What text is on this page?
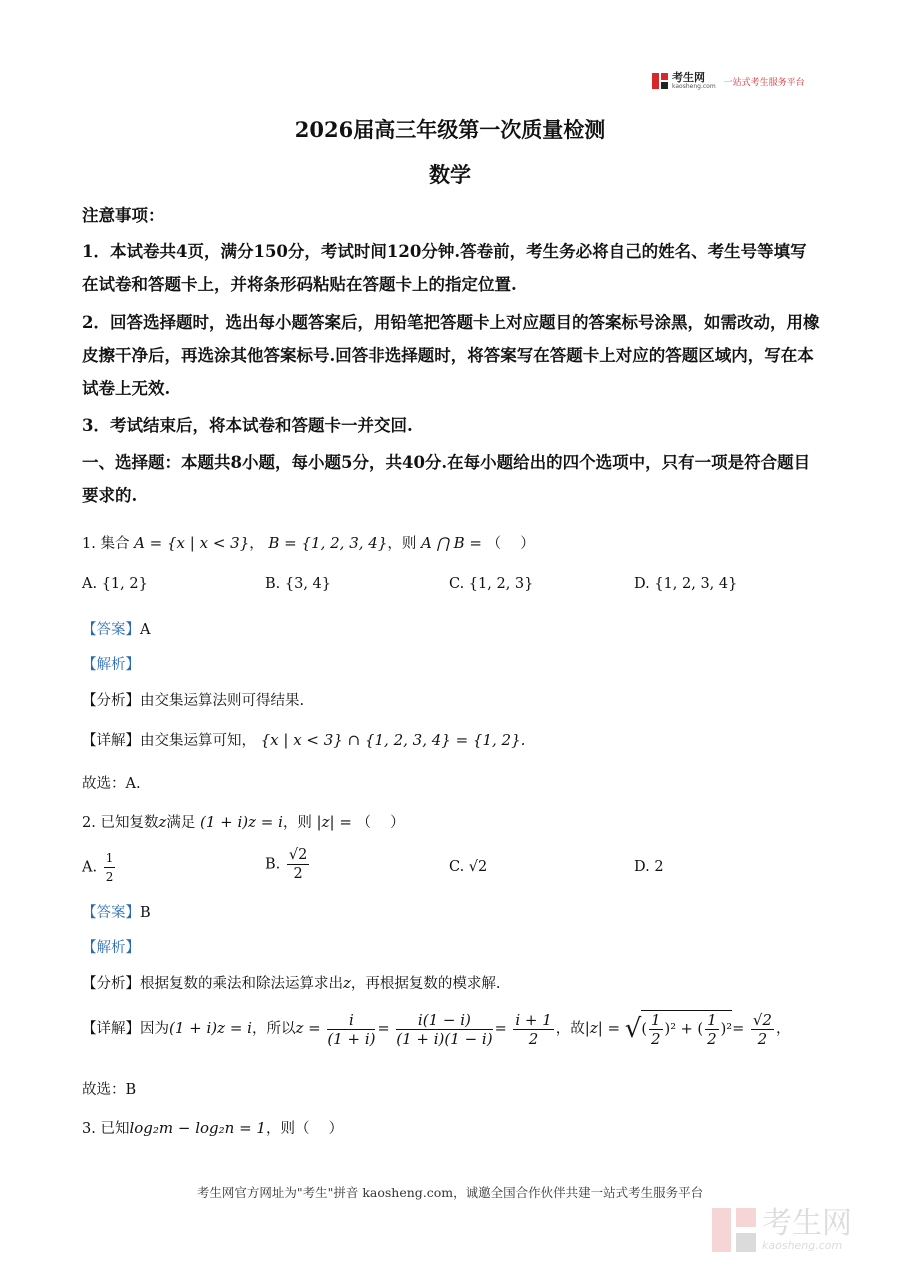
考生网
kaosheng.com 一站式考生服务平台
2026届高三年级第一次质量检测
数学
注意事项：
1．本试卷共4页，满分150分，考试时间120分钟.答卷前，考生务必将自己的姓名、考生号等填写在试卷和答题卡上，并将条形码粘贴在答题卡上的指定位置.
2．回答选择题时，选出每小题答案后，用铅笔把答题卡上对应题目的答案标号涂黑，如需改动，用橡皮擦干净后，再选涂其他答案标号.回答非选择题时，将答案写在答题卡上对应的答题区域内，写在本试卷上无效.
3．考试结束后，将本试卷和答题卡一并交回.
一、选择题：本题共8小题，每小题5分，共40分.在每小题给出的四个选项中，只有一项是符合题目要求的.
1. 集合 A = {x | x < 3}， B = {1, 2, 3, 4}，则 A ⋂ B = （　 ）
A. {1, 2}	B. {3, 4}	C. {1, 2, 3}	D. {1, 2, 3, 4}
【答案】A
【解析】
【分析】由交集运算法则可得结果.
【详解】由交集运算可知， {x | x < 3} ∩ {1, 2, 3, 4} = {1, 2}.
故选：A.
2. 已知复数z满足 (1 + i)z = i，则 |z| = （　 ）
A. $\frac{1}{2}$	B. $\frac{√2}{2}$	C. √2	D. 2
【答案】B
【解析】
【分析】根据复数的乘法和除法运算求出z，再根据复数的模求解.
【详解】因为(1 + i)z = i，所以$z = \frac{i}{(1 + i)} = \frac{i(1 - i)}{(1 + i)(1 - i)} = \frac{i + 1}{2}$ ，故|z| = √( $\frac{1}{2} )^2$ + ( $\frac{1}{2} )^2= \frac{√2}{2}$ ，
故选：B
3. 已知log₂m − log₂n = 1，则（　 ）
考生网官方网址为"考生"拼音 kaosheng.com，诚邀全国合作伙伴共建一站式考生服务平台
考生网
kaosheng.com
